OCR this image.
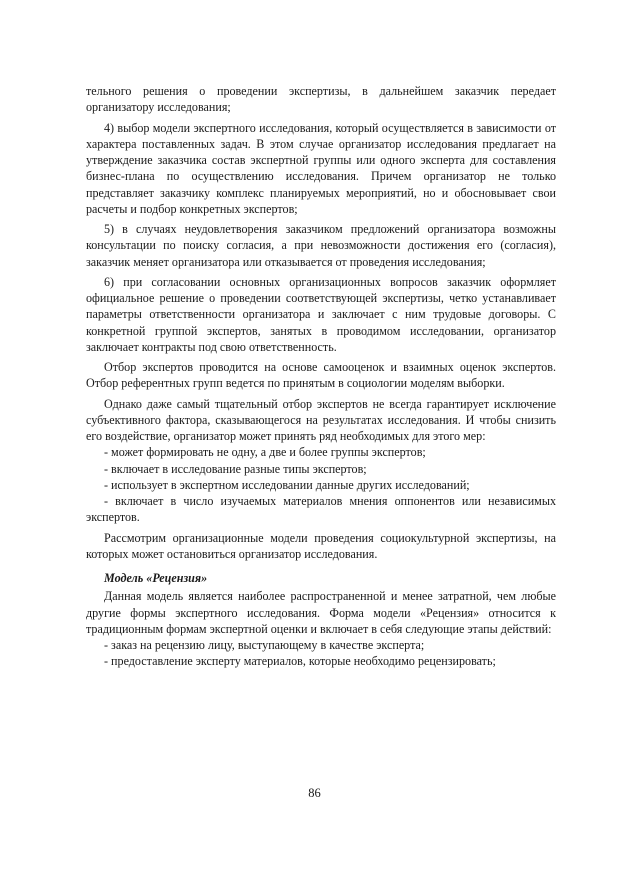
тельного решения о проведении экспертизы, в дальнейшем заказчик передает организатору исследования;

4) выбор модели экспертного исследования, который осуществляется в зависимости от характера поставленных задач. В этом случае организатор исследования предлагает на утверждение заказчика состав экспертной группы или одного эксперта для составления бизнес-плана по осуществлению исследования. Причем организатор не только представляет заказчику комплекс планируемых мероприятий, но и обосновывает свои расчеты и подбор конкретных экспертов;

5) в случаях неудовлетворения заказчиком предложений организатора возможны консультации по поиску согласия, а при невозможности достижения его (согласия), заказчик меняет организатора или отказывается от проведения исследования;

6) при согласовании основных организационных вопросов заказчик оформляет официальное решение о проведении соответствующей экспертизы, четко устанавливает параметры ответственности организатора и заключает с ним трудовые договоры. С конкретной группой экспертов, занятых в проводимом исследовании, организатор заключает контракты под свою ответственность.

Отбор экспертов проводится на основе самооценок и взаимных оценок экспертов. Отбор референтных групп ведется по принятым в социологии моделям выборки.

Однако даже самый тщательный отбор экспертов не всегда гарантирует исключение субъективного фактора, сказывающегося на результатах исследования. И чтобы снизить его воздействие, организатор может принять ряд необходимых для этого мер:

- может формировать не одну, а две и более группы экспертов;

- включает в исследование разные типы экспертов;

- использует в экспертном исследовании данные других исследований;

- включает в число изучаемых материалов мнения оппонентов или независимых экспертов.

Рассмотрим организационные модели проведения социокультурной экспертизы, на которых может остановиться организатор исследования.

Модель «Рецензия»

Данная модель является наиболее распространенной и менее затратной, чем любые другие формы экспертного исследования. Форма модели «Рецензия» относится к традиционным формам экспертной оценки и включает в себя следующие этапы действий:

- заказ на рецензию лицу, выступающему в качестве эксперта;

- предоставление эксперту материалов, которые необходимо рецензировать;

86
